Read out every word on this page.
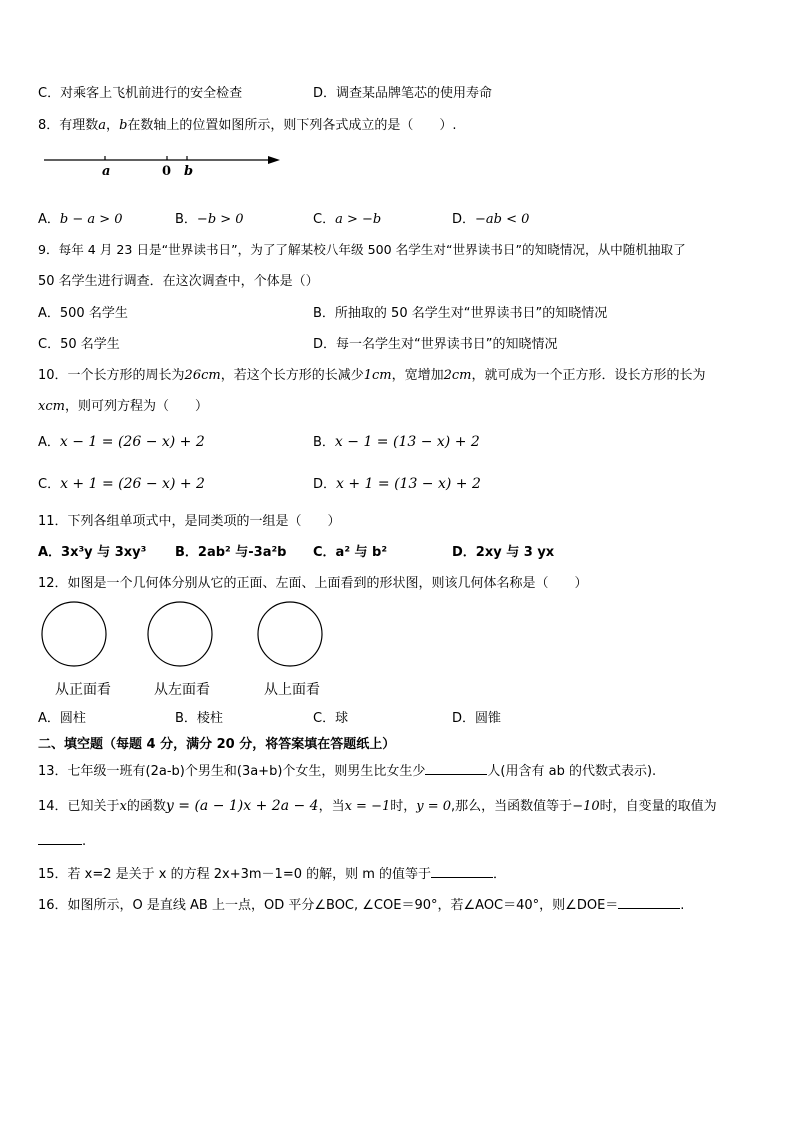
C．对乘客上飞机前进行的安全检查	D．调查某品牌笔芯的使用寿命
8．有理数a，b在数轴上的位置如图所示，则下列各式成立的是（　　）.
a	0 b
A．b − a > 0	B．−b > 0	C．a > −b	D．−ab < 0
9．每年 4 月 23 日是“世界读书日”，为了了解某校八年级 500 名学生对“世界读书日”的知晓情况，从中随机抽取了
50 名学生进行调查．在这次调查中，个体是（）
A．500 名学生	B．所抽取的 50 名学生对“世界读书日”的知晓情况
C．50 名学生	D．每一名学生对“世界读书日”的知晓情况
10．一个长方形的周长为26cm，若这个长方形的长减少1cm，宽增加2cm，就可成为一个正方形．设长方形的长为
xcm，则可列方程为（　　）
A．x − 1 = (26 − x) + 2	B．x − 1 = (13 − x) + 2
C．x + 1 = (26 − x) + 2	D．x + 1 = (13 − x) + 2
11．下列各组单项式中，是同类项的一组是（　　）
A．3x³y 与 3xy³ B．2ab² 与-3a²b C．a² 与 b²	D．2xy 与 3 yx
12．如图是一个几何体分别从它的正面、左面、上面看到的形状图，则该几何体名称是（　　）
从正面看	从左面看	从上面看
A．圆柱	B．棱柱	C．球	D．圆锥
二、填空题（每题 4 分，满分 20 分，将答案填在答题纸上）
13．七年级一班有(2a-b)个男生和(3a+b)个女生，则男生比女生少	人(用含有 ab 的代数式表示).
14．已知关于x的函数y = (a − 1)x + 2a − 4，当x = −1时，y = 0,那么，当函数值等于−10时，自变量的取值为
.
15．若 x=2 是关于 x 的方程 2x+3m－1=0 的解，则 m 的值等于	．
16．如图所示，O 是直线 AB 上一点，OD 平分∠BOC, ∠COE＝90°，若∠AOC＝40°，则∠DOE＝	.
